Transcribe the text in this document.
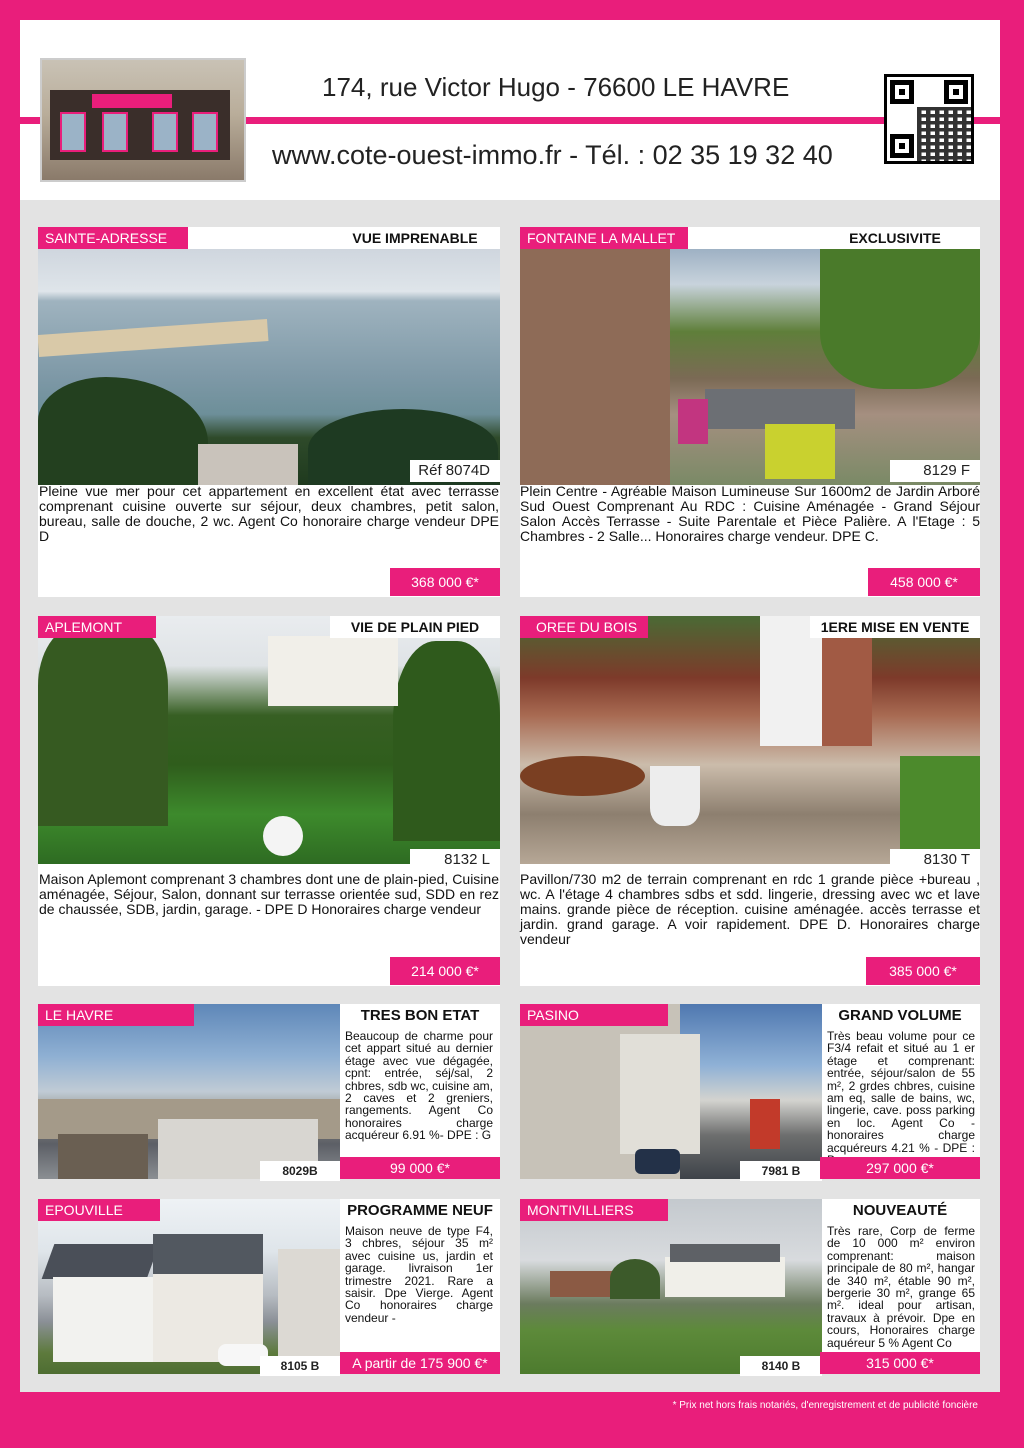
174, rue Victor Hugo - 76600 LE HAVRE
www.cote-ouest-immo.fr - Tél. : 02 35 19 32 40
SAINTE-ADRESSE	VUE IMPRENABLE
Réf 8074D
Pleine vue mer pour cet appartement en excellent état avec terrasse comprenant cuisine ouverte sur séjour, deux chambres, petit salon, bureau, salle de douche, 2 wc. Agent Co honoraire charge vendeur DPE D
368 000 €*
FONTAINE LA MALLET	EXCLUSIVITE
8129 F
Plein Centre - Agréable Maison Lumineuse Sur 1600m2 de Jardin Arboré Sud Ouest Comprenant Au RDC : Cuisine Aménagée - Grand Séjour Salon Accès Terrasse - Suite Parentale et Pièce Palière. A l'Etage : 5 Chambres - 2 Salle... Honoraires charge vendeur. DPE C.
458 000 €*
APLEMONT	VIE DE PLAIN PIED
8132 L
Maison Aplemont comprenant 3 chambres dont une de plain-pied, Cuisine aménagée, Séjour, Salon, donnant sur terrasse orientée sud, SDD en rez de chaussée, SDB, jardin, garage. - DPE D Honoraires charge vendeur
214 000 €*
OREE DU BOIS	1ERE MISE EN VENTE
8130 T
Pavillon/730 m2 de terrain comprenant en rdc 1 grande pièce +bureau , wc. A l'étage 4 chambres sdbs et sdd. lingerie, dressing avec wc et lave mains. grande pièce de réception. cuisine aménagée. accès terrasse et jardin. grand garage. A voir rapidement. DPE D. Honoraires charge vendeur
385 000 €*
LE HAVRE	TRES BON ETAT
Beaucoup de charme pour cet appart situé au dernier étage avec vue dégagée, cpnt: entrée, séj/sal, 2 chbres, sdb wc, cuisine am, 2 caves et 2 greniers, rangements. Agent Co honoraires charge acquéreur 6.91 %- DPE : G
8029B	99 000 €*
PASINO	GRAND VOLUME
Très beau volume pour ce F3/4 refait et situé au 1 er étage et comprenant: entrée, séjour/salon de 55 m², 2 grdes chbres, cuisine am eq, salle de bains, wc, lingerie, cave. poss parking en loc. Agent Co - honoraires charge acquéreurs 4.21 % - DPE :
7981 B	297 000 €*
EPOUVILLE	PROGRAMME NEUF
Maison neuve de type F4, 3 chbres, séjour 35 m² avec cuisine us, jardin et garage. livraison 1er trimestre 2021. Rare a saisir. Dpe Vierge. Agent Co honoraires charge vendeur -
8105 B	A partir de 175 900 €*
MONTIVILLIERS	NOUVEAUTÉ
Très rare, Corp de ferme de 10 000 m² environ comprenant: maison principale de 80 m², hangar de 340 m², étable 90 m², bergerie 30 m², grange 65 m². ideal pour artisan, travaux à prévoir. Dpe en cours, Honoraires charge aquéreur 5 % Agent Co
8140 B	315 000 €*
* Prix net hors frais notariés, d'enregistrement et de publicité foncière
